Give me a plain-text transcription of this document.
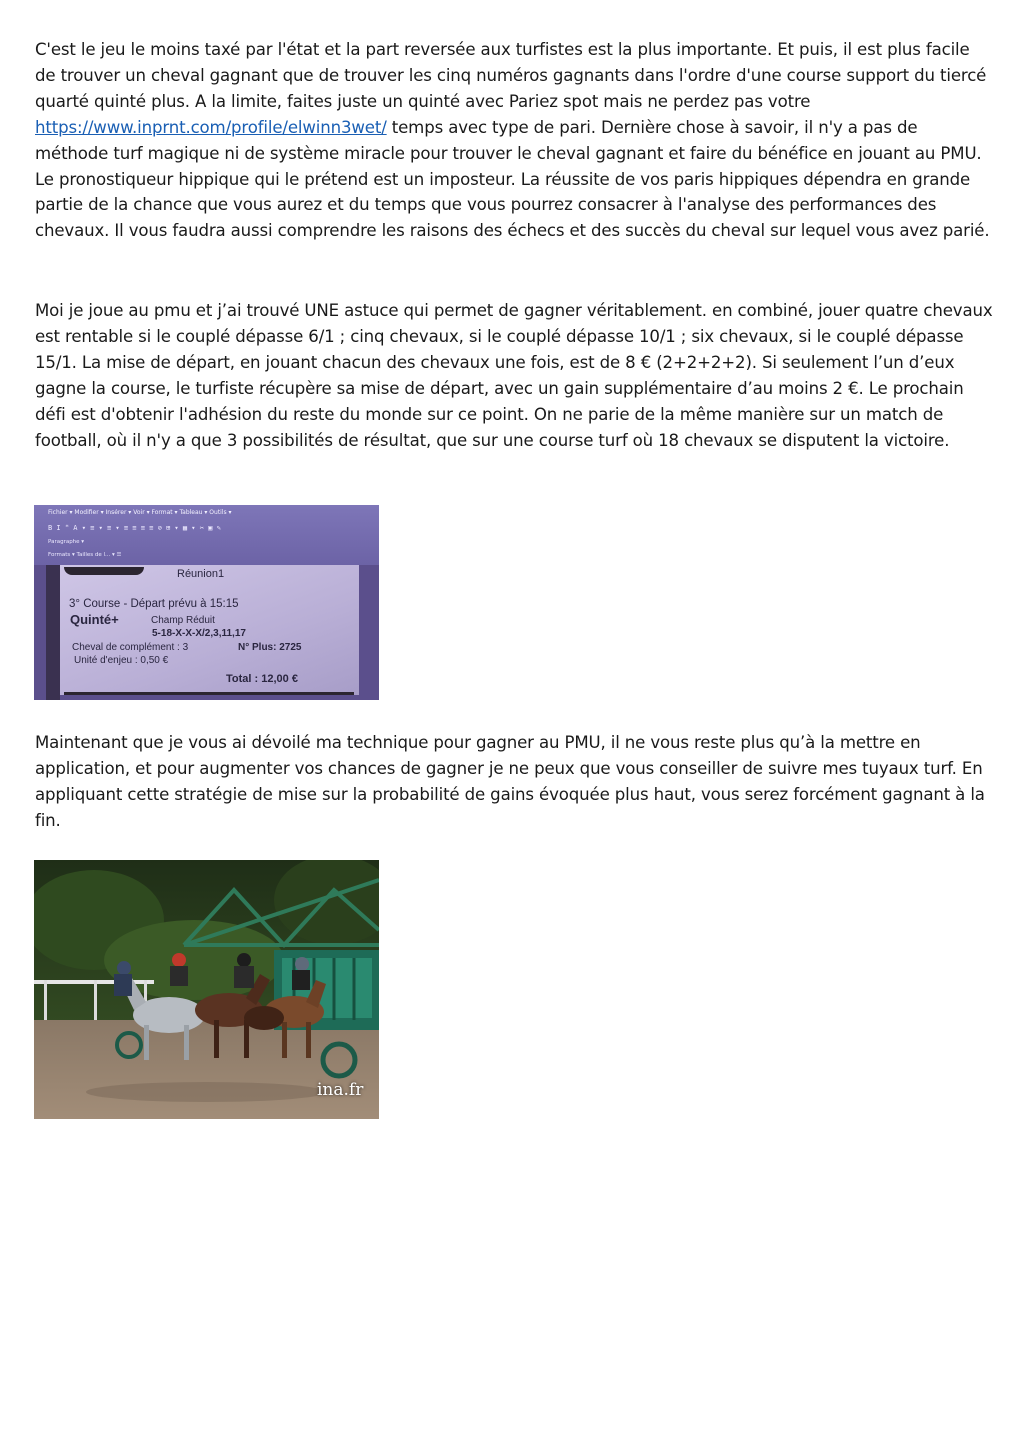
C'est le jeu le moins taxé par l'état et la part reversée aux turfistes est la plus importante. Et puis, il est plus facile de trouver un cheval gagnant que de trouver les cinq numéros gagnants dans l'ordre d'une course support du tiercé quarté quinté plus. A la limite, faites juste un quinté avec Pariez spot mais ne perdez pas votre https://www.inprnt.com/profile/elwinn3wet/ temps avec type de pari. Dernière chose à savoir, il n'y a pas de méthode turf magique ni de système miracle pour trouver le cheval gagnant et faire du bénéfice en jouant au PMU. Le pronostiqueur hippique qui le prétend est un imposteur. La réussite de vos paris hippiques dépendra en grande partie de la chance que vous aurez et du temps que vous pourrez consacrer à l'analyse des performances des chevaux. Il vous faudra aussi comprendre les raisons des échecs et des succès du cheval sur lequel vous avez parié.

Moi je joue au pmu et j’ai trouvé UNE astuce qui permet de gagner véritablement. en combiné, jouer quatre chevaux est rentable si le couplé dépasse 6/1 ; cinq chevaux, si le couplé dépasse 10/1 ; six chevaux, si le couplé dépasse 15/1. La mise de départ, en jouant chacun des chevaux une fois, est de 8 € (2+2+2+2). Si seulement l’un d’eux gagne la course, le turfiste récupère sa mise de départ, avec un gain supplémentaire d’au moins 2 €. Le prochain défi est d'obtenir l'adhésion du reste du monde sur ce point. On ne parie de la même manière sur un match de football, où il n'y a que 3 possibilités de résultat, que sur une course turf où 18 chevaux se disputent la victoire.

Fichier ▾ Modifier ▾ Insérer ▾ Voir ▾ Format ▾ Tableau ▾ Outils ▾
B I ❝ A ▾ ≡ ▾ ≡ ▾ ≡ ≡ ≡ ≡ ⊘ ⊞ ▾ ▦ ▾ ✂ ▣ ✎
Paragraphe ▾
Formats ▾ Tailles de l... ▾ ☰
Réunion1
3° Course - Départ prévu à 15:15
Quinté+	Champ Réduit
5-18-X-X-X/2,3,11,17
Cheval de complément : 3	N° Plus: 2725
Unité d'enjeu : 0,50 €
Total : 12,00 €

Maintenant que je vous ai dévoilé ma technique pour gagner au PMU, il ne vous reste plus qu’à la mettre en application, et pour augmenter vos chances de gagner je ne peux que vous conseiller de suivre mes tuyaux turf. En appliquant cette stratégie de mise sur la probabilité de gains évoquée plus haut, vous serez forcément gagnant à la fin.

ina.fr
